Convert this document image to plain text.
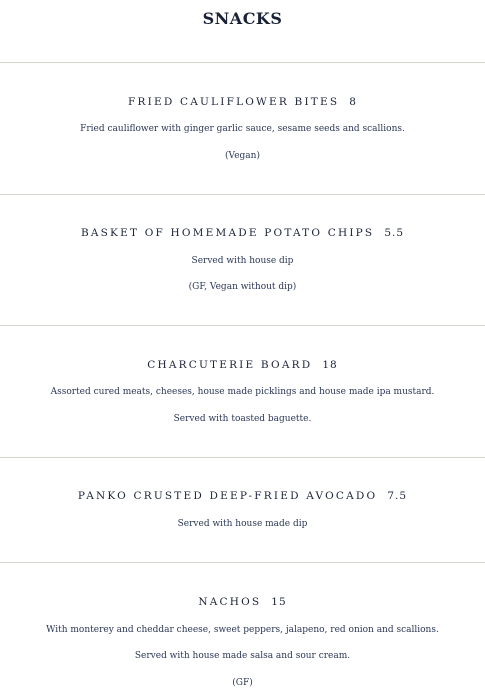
SNACKS
FRIED CAULIFLOWER BITES 8
Fried cauliflower with ginger garlic sauce, sesame seeds and scallions.
(Vegan)
BASKET OF HOMEMADE POTATO CHIPS 5.5
Served with house dip
(GF, Vegan without dip)
CHARCUTERIE BOARD 18
Assorted cured meats, cheeses, house made picklings and house made ipa mustard.
Served with toasted baguette.
PANKO CRUSTED DEEP-FRIED AVOCADO 7.5
Served with house made dip
NACHOS 15
With monterey and cheddar cheese, sweet peppers, jalapeno, red onion and scallions.
Served with house made salsa and sour cream.
(GF)
